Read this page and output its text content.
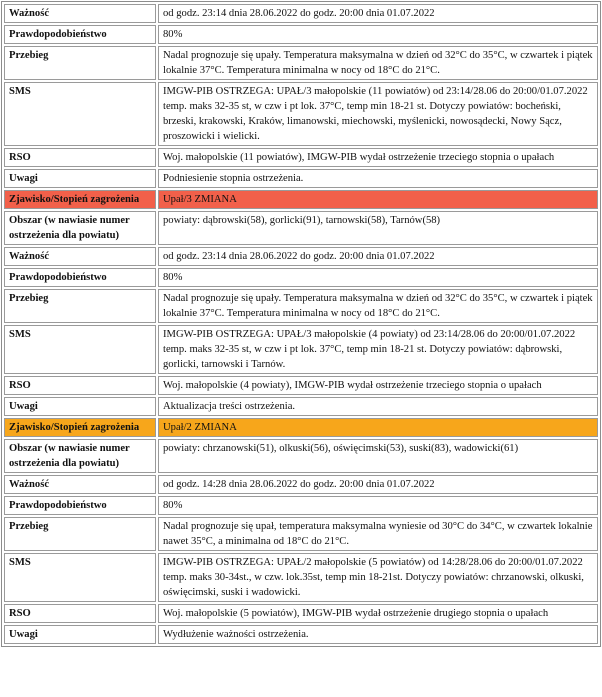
Ważność	od godz. 23:14 dnia 28.06.2022 do godz. 20:00 dnia 01.07.2022
Prawdopodobieństwo	80%
Przebieg	Nadal prognozuje się upały. Temperatura maksymalna w dzień od 32°C do 35°C, w czwartek i piątek lokalnie 37°C. Temperatura minimalna w nocy od 18°C do 21°C.
SMS	IMGW-PIB OSTRZEGA: UPAŁ/3 małopolskie (11 powiatów) od 23:14/28.06 do 20:00/01.07.2022 temp. maks 32-35 st, w czw i pt lok. 37°C, temp min 18-21 st. Dotyczy powiatów: bocheński, brzeski, krakowski, Kraków, limanowski, miechowski, myślenicki, nowosądecki, Nowy Sącz, proszowicki i wielicki.
RSO	Woj. małopolskie (11 powiatów), IMGW-PIB wydał ostrzeżenie trzeciego stopnia o upałach
Uwagi	Podniesienie stopnia ostrzeżenia.
Zjawisko/Stopień zagrożenia	Upał/3 ZMIANA
Obszar (w nawiasie numer ostrzeżenia dla powiatu)	powiaty: dąbrowski(58), gorlicki(91), tarnowski(58), Tarnów(58)
Ważność	od godz. 23:14 dnia 28.06.2022 do godz. 20:00 dnia 01.07.2022
Prawdopodobieństwo	80%
Przebieg	Nadal prognozuje się upały. Temperatura maksymalna w dzień od 32°C do 35°C, w czwartek i piątek lokalnie 37°C. Temperatura minimalna w nocy od 18°C do 21°C.
SMS	IMGW-PIB OSTRZEGA: UPAŁ/3 małopolskie (4 powiaty) od 23:14/28.06 do 20:00/01.07.2022 temp. maks 32-35 st, w czw i pt lok. 37°C, temp min 18-21 st. Dotyczy powiatów: dąbrowski, gorlicki, tarnowski i Tarnów.
RSO	Woj. małopolskie (4 powiaty), IMGW-PIB wydał ostrzeżenie trzeciego stopnia o upałach
Uwagi	Aktualizacja treści ostrzeżenia.
Zjawisko/Stopień zagrożenia	Upał/2 ZMIANA
Obszar (w nawiasie numer ostrzeżenia dla powiatu)	powiaty: chrzanowski(51), olkuski(56), oświęcimski(53), suski(83), wadowicki(61)
Ważność	od godz. 14:28 dnia 28.06.2022 do godz. 20:00 dnia 01.07.2022
Prawdopodobieństwo	80%
Przebieg	Nadal prognozuje się upał, temperatura maksymalna wyniesie od 30°C do 34°C, w czwartek lokalnie nawet 35°C, a minimalna od 18°C do 21°C.
SMS	IMGW-PIB OSTRZEGA: UPAŁ/2 małopolskie (5 powiatów) od 14:28/28.06 do 20:00/01.07.2022 temp. maks 30-34st., w czw. lok.35st, temp min 18-21st. Dotyczy powiatów: chrzanowski, olkuski, oświęcimski, suski i wadowicki.
RSO	Woj. małopolskie (5 powiatów), IMGW-PIB wydał ostrzeżenie drugiego stopnia o upałach
Uwagi	Wydłużenie ważności ostrzeżenia.
